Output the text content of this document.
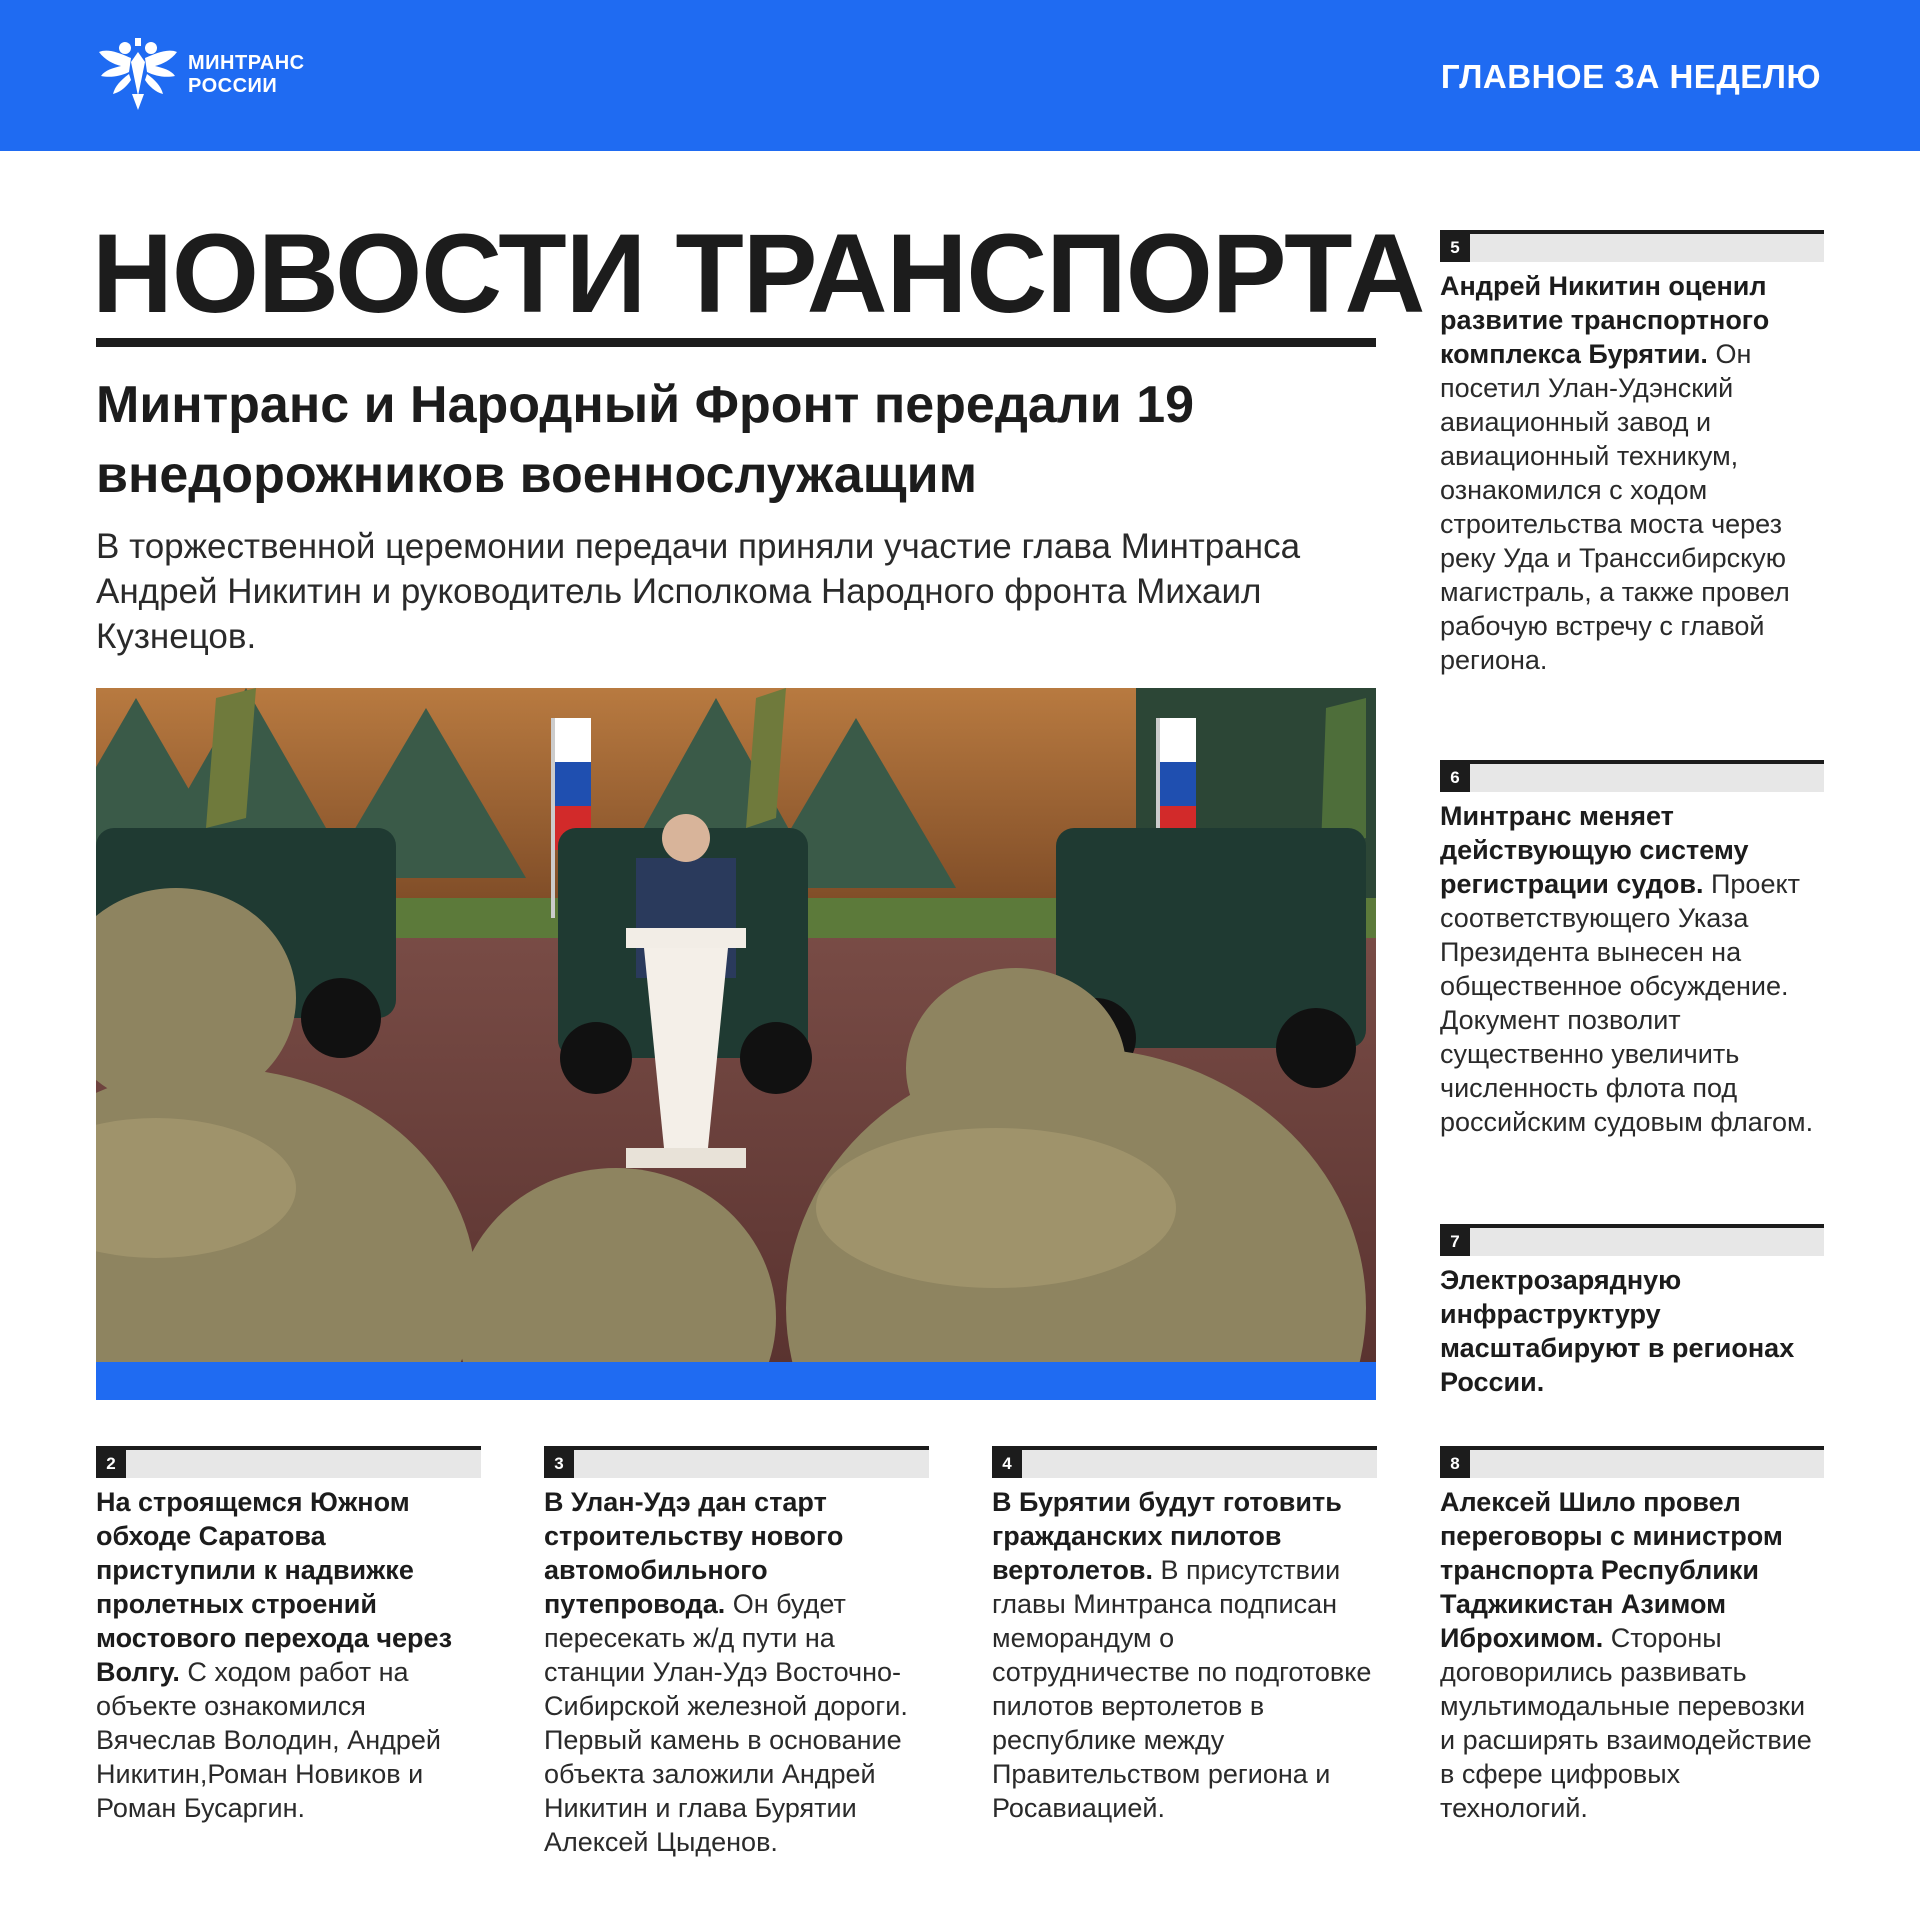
МИНТРАНС
РОССИИ	ГЛАВНОЕ ЗА НЕДЕЛЮ
НОВОСТИ ТРАНСПОРТА
Минтранс и Народный Фронт передали 19 внедорожников военнослужащим
В торжественной церемонии передачи приняли участие глава Минтранса Андрей Никитин и руководитель Исполкома Народного фронта Михаил Кузнецов.
2
На строящемся Южном обходе Саратова приступили к надвижке пролетных строений мостового перехода через Волгу. С ходом работ на объекте ознакомился Вячеслав Володин, Андрей Никитин,Роман Новиков и Роман Бусаргин.
3
В Улан-Удэ дан старт строительству нового автомобильного путепровода. Он будет пересекать ж/д пути на станции Улан-Удэ Восточно-Сибирской железной дороги. Первый камень в основание объекта заложили Андрей Никитин и глава Бурятии Алексей Цыденов.
4
В Бурятии будут готовить гражданских пилотов вертолетов. В присутствии главы Минтранса подписан меморандум о сотрудничестве по подготовке пилотов вертолетов в республике между Правительством региона и Росавиацией.
5
Андрей Никитин оценил развитие транспортного комплекса Бурятии. Он посетил Улан-Удэнский авиационный завод и авиационный техникум, ознакомился с ходом строительства моста через реку Уда и Транссибирскую магистраль, а также провел рабочую встречу с главой региона.
6
Минтранс меняет действующую систему регистрации судов. Проект соответствующего Указа Президента вынесен на общественное обсуждение. Документ позволит существенно увеличить численность флота под российским судовым флагом.
7
Электрозарядную инфраструктуру масштабируют в регионах России.
8
Алексей Шило провел переговоры с министром транспорта Республики Таджикистан Азимом Иброхимом. Стороны договорились развивать мультимодальные перевозки и расширять взаимодействие в сфере цифровых технологий.
